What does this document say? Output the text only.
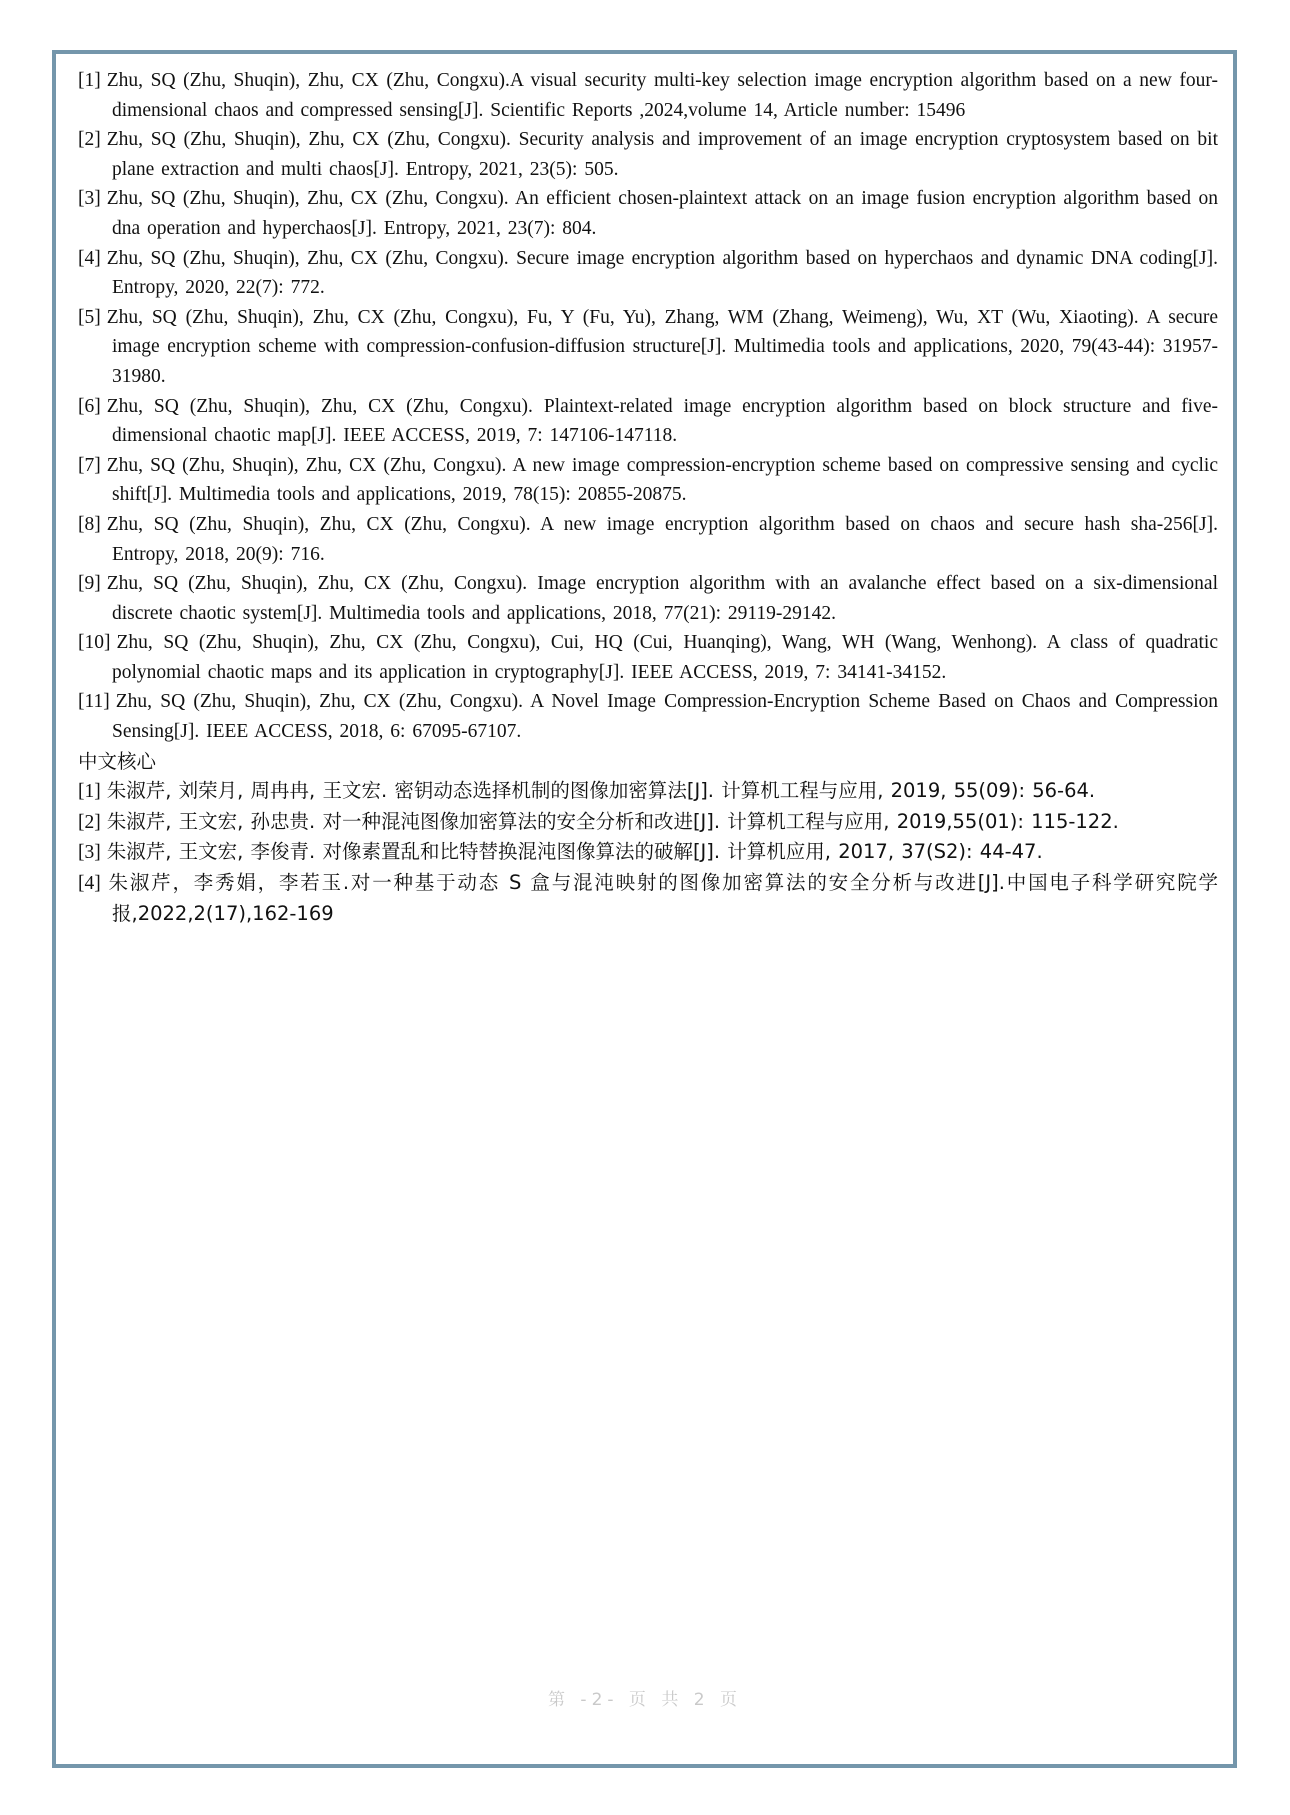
[1] Zhu, SQ (Zhu, Shuqin), Zhu, CX (Zhu, Congxu).A visual security multi-key selection image encryption algorithm based on a new four-dimensional chaos and compressed sensing[J]. Scientific Reports ,2024,volume 14, Article number: 15496
[2] Zhu, SQ (Zhu, Shuqin), Zhu, CX (Zhu, Congxu). Security analysis and improvement of an image encryption cryptosystem based on bit plane extraction and multi chaos[J]. Entropy, 2021, 23(5): 505.
[3] Zhu, SQ (Zhu, Shuqin), Zhu, CX (Zhu, Congxu). An efficient chosen-plaintext attack on an image fusion encryption algorithm based on dna operation and hyperchaos[J]. Entropy, 2021, 23(7): 804.
[4] Zhu, SQ (Zhu, Shuqin), Zhu, CX (Zhu, Congxu). Secure image encryption algorithm based on hyperchaos and dynamic DNA coding[J]. Entropy, 2020, 22(7): 772.
[5] Zhu, SQ (Zhu, Shuqin), Zhu, CX (Zhu, Congxu), Fu, Y (Fu, Yu), Zhang, WM (Zhang, Weimeng), Wu, XT (Wu, Xiaoting). A secure image encryption scheme with compression-confusion-diffusion structure[J]. Multimedia tools and applications, 2020, 79(43-44): 31957-31980.
[6] Zhu, SQ (Zhu, Shuqin), Zhu, CX (Zhu, Congxu). Plaintext-related image encryption algorithm based on block structure and five-dimensional chaotic map[J]. IEEE ACCESS, 2019, 7: 147106-147118.
[7] Zhu, SQ (Zhu, Shuqin), Zhu, CX (Zhu, Congxu). A new image compression-encryption scheme based on compressive sensing and cyclic shift[J]. Multimedia tools and applications, 2019, 78(15): 20855-20875.
[8] Zhu, SQ (Zhu, Shuqin), Zhu, CX (Zhu, Congxu). A new image encryption algorithm based on chaos and secure hash sha-256[J]. Entropy, 2018, 20(9): 716.
[9] Zhu, SQ (Zhu, Shuqin), Zhu, CX (Zhu, Congxu). Image encryption algorithm with an avalanche effect based on a six-dimensional discrete chaotic system[J]. Multimedia tools and applications, 2018, 77(21): 29119-29142.
[10] Zhu, SQ (Zhu, Shuqin), Zhu, CX (Zhu, Congxu), Cui, HQ (Cui, Huanqing), Wang, WH (Wang, Wenhong). A class of quadratic polynomial chaotic maps and its application in cryptography[J]. IEEE ACCESS, 2019, 7: 34141-34152.
[11] Zhu, SQ (Zhu, Shuqin), Zhu, CX (Zhu, Congxu). A Novel Image Compression-Encryption Scheme Based on Chaos and Compression Sensing[J]. IEEE ACCESS, 2018, 6: 67095-67107.
中文核心
[1] 朱淑芹, 刘荣月, 周冉冉, 王文宏. 密钥动态选择机制的图像加密算法[J]. 计算机工程与应用, 2019, 55(09): 56-64.
[2] 朱淑芹, 王文宏, 孙忠贵. 对一种混沌图像加密算法的安全分析和改进[J]. 计算机工程与应用, 2019,55(01): 115-122.
[3] 朱淑芹, 王文宏, 李俊青. 对像素置乱和比特替换混沌图像算法的破解[J]. 计算机应用, 2017, 37(S2): 44-47.
[4] 朱淑芹，李秀娟，李若玉.对一种基于动态 S 盒与混沌映射的图像加密算法的安全分析与改进[J].中国电子科学研究院学报,2022,2(17),162-169
第 -2- 页 共 2 页
